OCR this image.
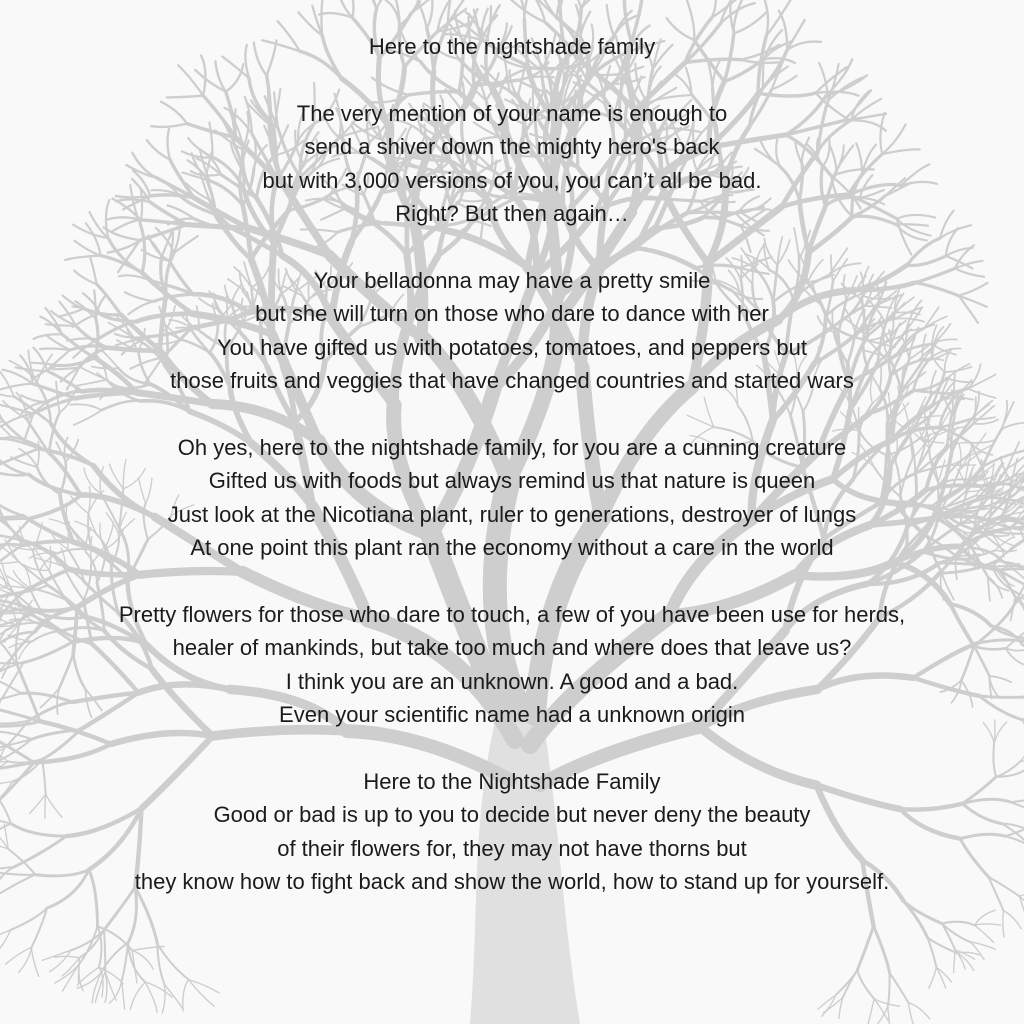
Here to the nightshade family
The very mention of your name is enough to
send a shiver down the mighty hero's back
but with 3,000 versions of you, you can’t all be bad.
Right? But then again…
Your belladonna may have a pretty smile
but she will turn on those who dare to dance with her
You have gifted us with potatoes, tomatoes, and peppers but
those fruits and veggies that have changed countries and started wars
Oh yes, here to the nightshade family, for you are a cunning creature
Gifted us with foods but always remind us that nature is queen
Just look at the Nicotiana plant, ruler to generations, destroyer of lungs
At one point this plant ran the economy without a care in the world
Pretty flowers for those who dare to touch, a few of you have been use for herds,
healer of mankinds, but take too much and where does that leave us?
I think you are an unknown. A good and a bad.
Even your scientific name had a unknown origin
Here to the Nightshade Family
Good or bad is up to you to decide but never deny the beauty
of their flowers for, they may not have thorns but
they know how to fight back and show the world, how to stand up for yourself.
